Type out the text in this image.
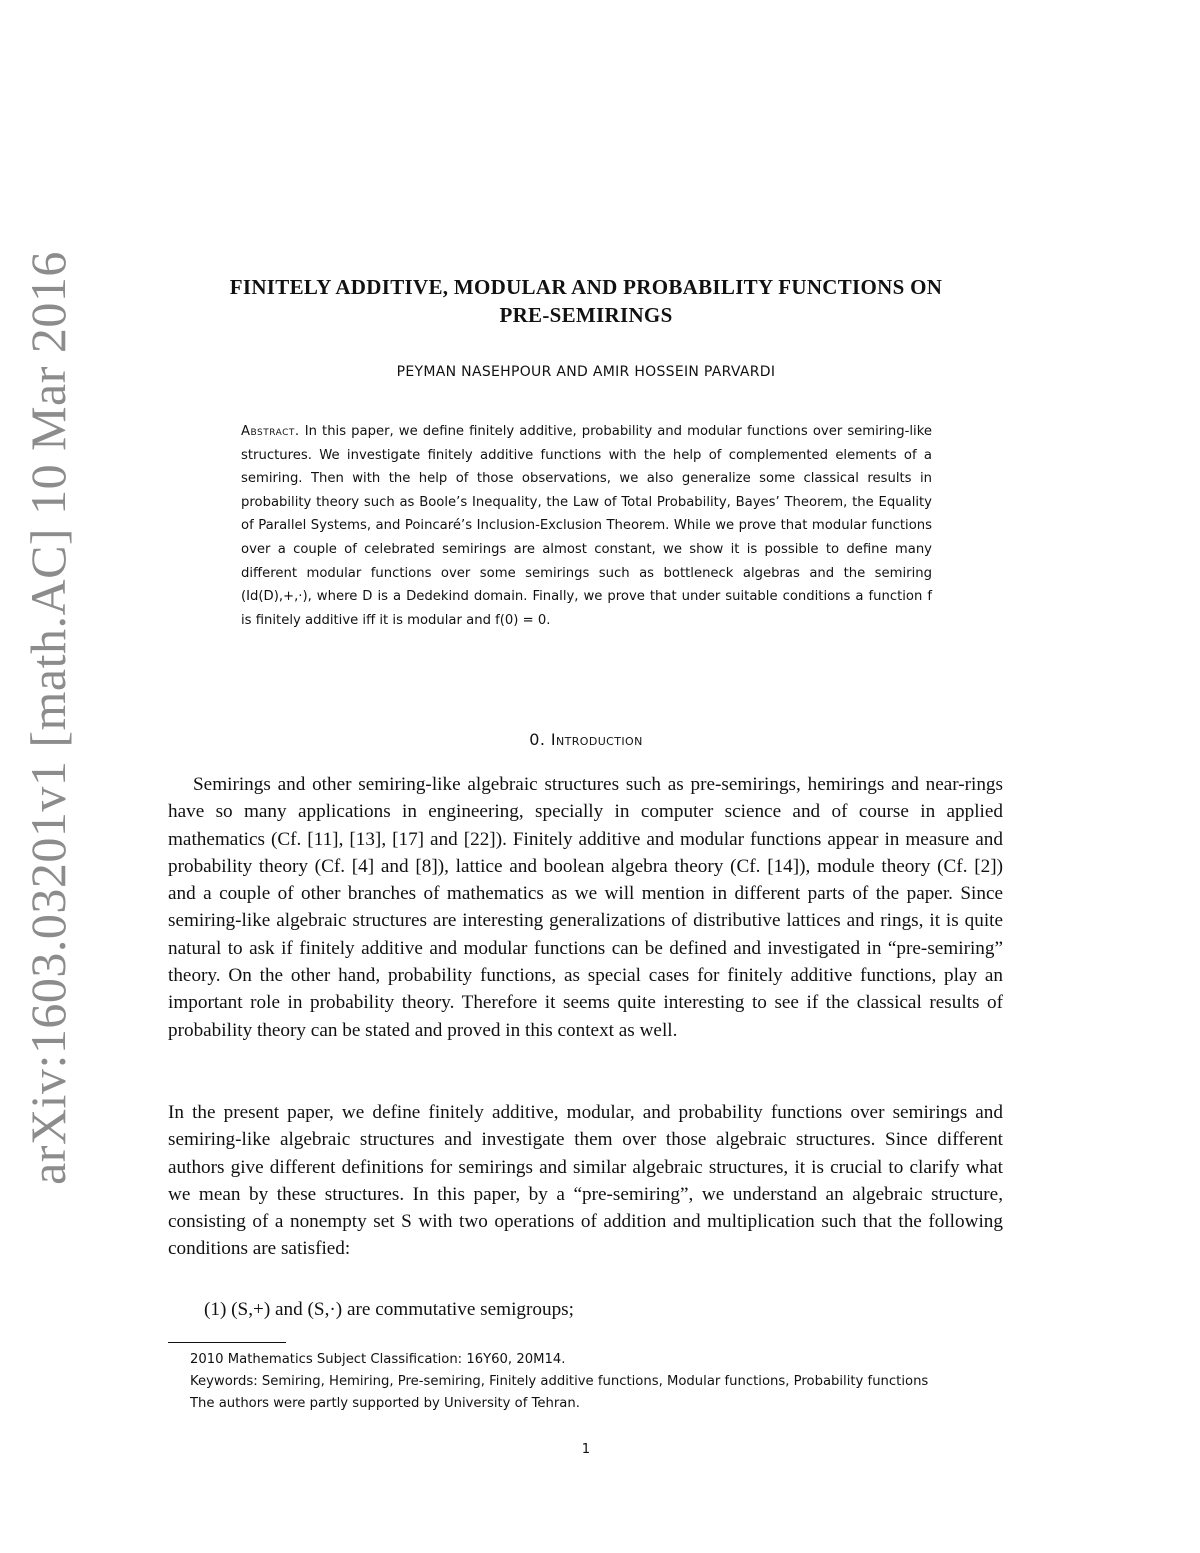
arXiv:1603.03201v1 [math.AC] 10 Mar 2016	FINITELY ADDITIVE, MODULAR AND PROBABILITY FUNCTIONS ON
PRE-SEMIRINGS
PEYMAN NASEHPOUR AND AMIR HOSSEIN PARVARDI
Abstract. In this paper, we define finitely additive, probability and modular functions over semiring-like structures. We investigate finitely additive functions with the help of complemented elements of a semiring. Then with the help of those observations, we also generalize some classical results in probability theory such as Boole’s Inequality, the Law of Total Probability, Bayes’ Theorem, the Equality of Parallel Systems, and Poincaré’s Inclusion-Exclusion Theorem. While we prove that modular functions over a couple of celebrated semirings are almost constant, we show it is possible to define many different modular functions over some semirings such as bottleneck algebras and the semiring (Id(D),+,·), where D is a Dedekind domain. Finally, we prove that under suitable conditions a function f is finitely additive iff it is modular and f(0) = 0.
0. Introduction

Semirings and other semiring-like algebraic structures such as pre-semirings, hemirings and near-rings have so many applications in engineering, specially in computer science and of course in applied mathematics (Cf. [11], [13], [17] and [22]). Finitely additive and modular functions appear in measure and probability theory (Cf. [4] and [8]), lattice and boolean algebra theory (Cf. [14]), module theory (Cf. [2]) and a couple of other branches of mathematics as we will mention in different parts of the paper. Since semiring-like algebraic structures are interesting generalizations of distributive lattices and rings, it is quite natural to ask if finitely additive and modular functions can be defined and investigated in “pre-semiring” theory. On the other hand, probability functions, as special cases for finitely additive functions, play an important role in probability theory. Therefore it seems quite interesting to see if the classical results of probability theory can be stated and proved in this context as well.

In the present paper, we define finitely additive, modular, and probability functions over semirings and semiring-like algebraic structures and investigate them over those algebraic structures. Since different authors give different definitions for semirings and similar algebraic structures, it is crucial to clarify what we mean by these structures. In this paper, by a “pre-semiring”, we understand an algebraic structure, consisting of a nonempty set S with two operations of addition and multiplication such that the following conditions are satisfied:

(1) (S,+) and (S,·) are commutative semigroups;

2010 Mathematics Subject Classification: 16Y60, 20M14.

Keywords: Semiring, Hemiring, Pre-semiring, Finitely additive functions, Modular functions, Probability functions

The authors were partly supported by University of Tehran.

1
